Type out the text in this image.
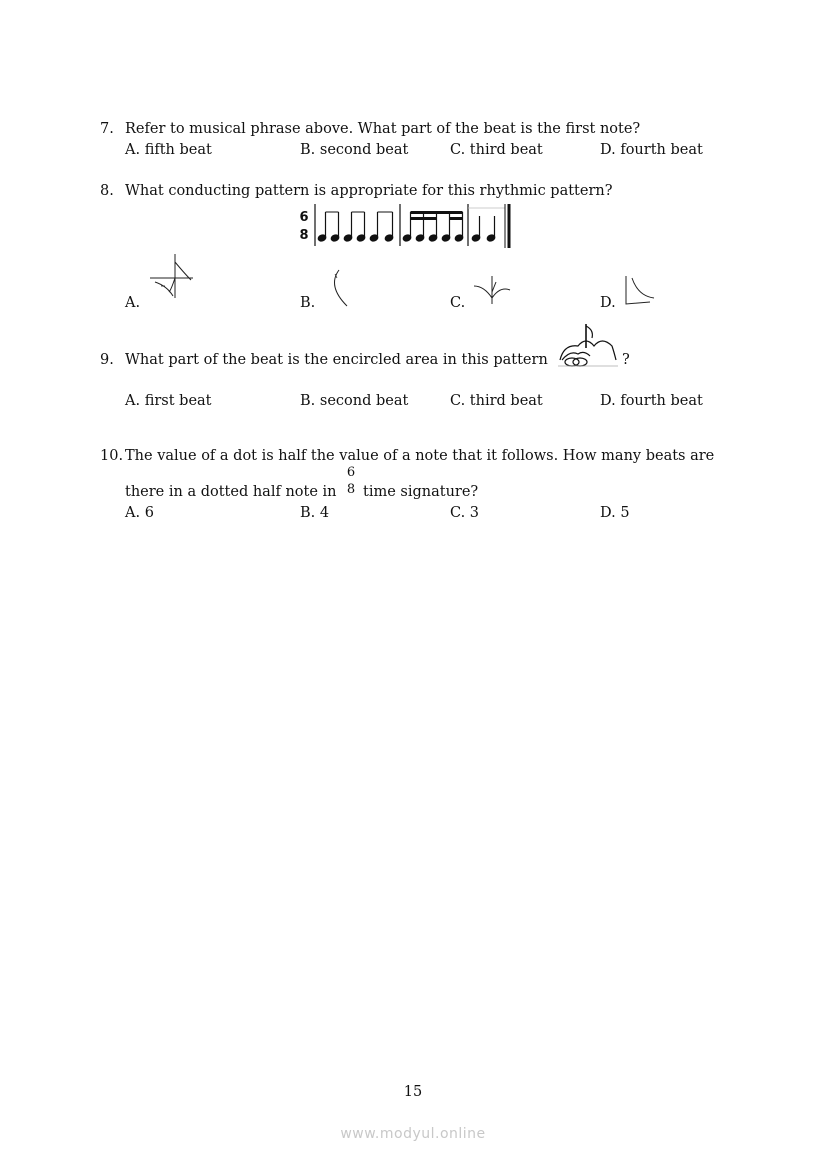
7. Refer to musical phrase above. What part of the beat is the first note?
A. fifth beat	B. second beat	C. third beat	D. fourth beat
8. What conducting pattern is appropriate for this rhythmic pattern?
6
8
A.	B.	C.	D.
9. What part of the beat is the encircled area in this pattern	?
A. first beat	B. second beat	C. third beat	D. fourth beat
10. The value of a dot is half the value of a note that it follows. How many beats are
there in a dotted half note in
6
8 time signature?
A. 6	B. 4	C. 3	D. 5
15
www.modyul.online
